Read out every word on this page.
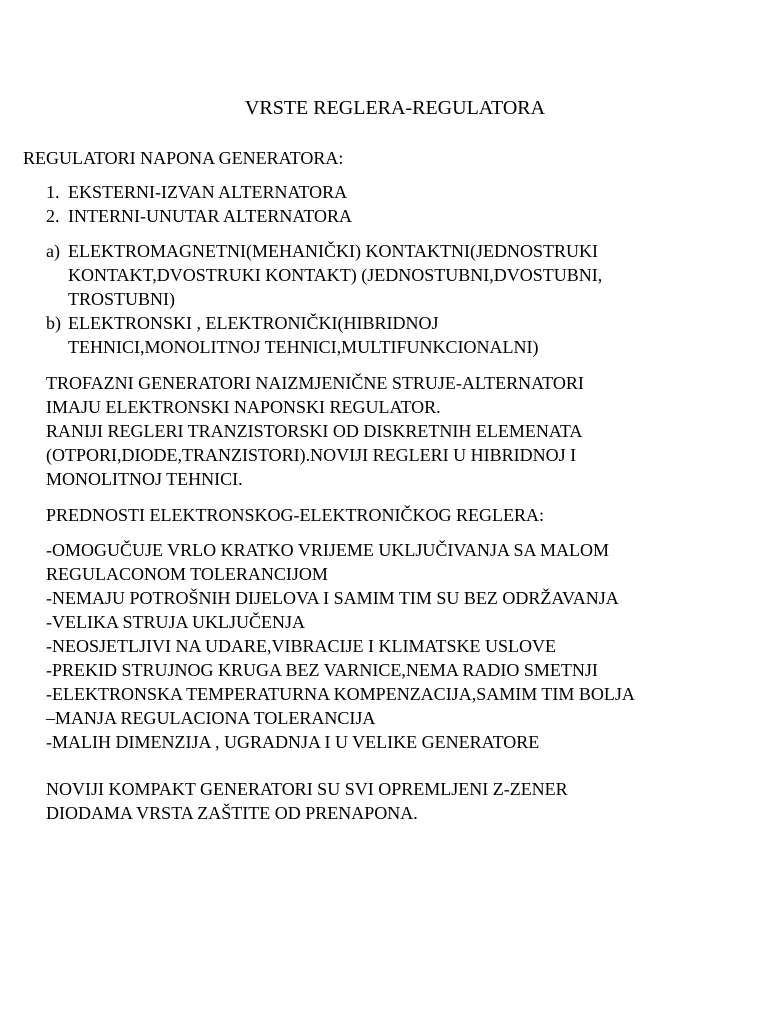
VRSTE REGLERA-REGULATORA
REGULATORI NAPONA GENERATORA:
1. EKSTERNI-IZVAN ALTERNATORA
2. INTERNI-UNUTAR ALTERNATORA
a) ELEKTROMAGNETNI(MEHANIČKI) KONTAKTNI(JEDNOSTRUKI
KONTAKT,DVOSTRUKI KONTAKT) (JEDNOSTUBNI,DVOSTUBNI,
TROSTUBNI)
b) ELEKTRONSKI , ELEKTRONIČKI(HIBRIDNOJ
TEHNICI,MONOLITNOJ TEHNICI,MULTIFUNKCIONALNI)
TROFAZNI GENERATORI NAIZMJENIČNE STRUJE-ALTERNATORI
IMAJU ELEKTRONSKI NAPONSKI REGULATOR.
RANIJI REGLERI TRANZISTORSKI OD DISKRETNIH ELEMENATA
(OTPORI,DIODE,TRANZISTORI).NOVIJI REGLERI U HIBRIDNOJ I
MONOLITNOJ TEHNICI.
PREDNOSTI ELEKTRONSKOG-ELEKTRONIČKOG REGLERA:
-OMOGUČUJE VRLO KRATKO VRIJEME UKLJUČIVANJA SA MALOM
REGULACONOM TOLERANCIJOM
-NEMAJU POTROŠNIH DIJELOVA I SAMIM TIM SU BEZ ODRŽAVANJA
-VELIKA STRUJA UKLJUČENJA
-NEOSJETLJIVI NA UDARE,VIBRACIJE I KLIMATSKE USLOVE
-PREKID STRUJNOG KRUGA BEZ VARNICE,NEMA RADIO SMETNJI
-ELEKTRONSKA TEMPERATURNA KOMPENZACIJA,SAMIM TIM BOLJA
–MANJA REGULACIONA TOLERANCIJA
-MALIH DIMENZIJA , UGRADNJA I U VELIKE GENERATORE
NOVIJI KOMPAKT GENERATORI SU SVI OPREMLJENI Z-ZENER
DIODAMA VRSTA ZAŠTITE OD PRENAPONA.
